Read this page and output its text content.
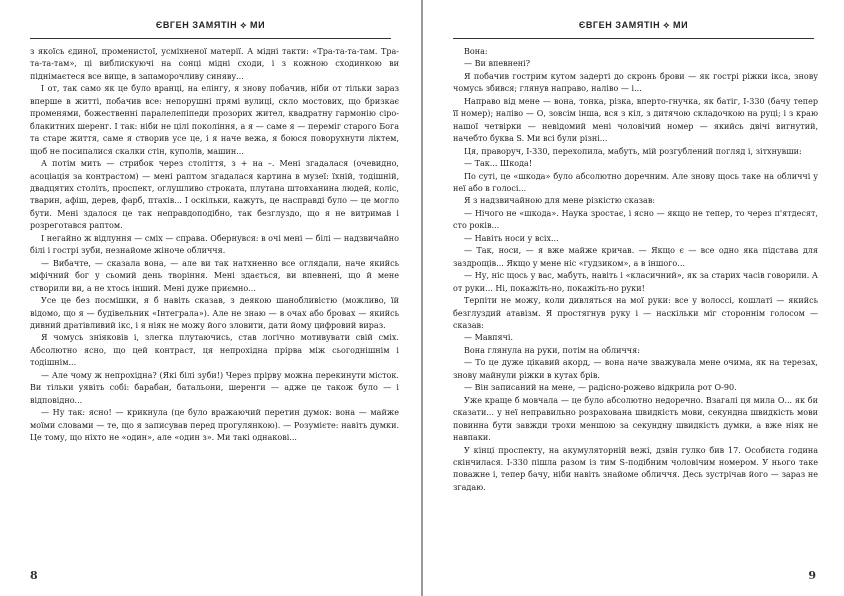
ЄВГЕН ЗАМЯТІН ⟡ МИ

з якоїсь єдиної, променистої, усміхненої матерії. А мідні такти: «Тра-та-та-там. Тра-та-та-там», ці виблискуючі на сонці мідні сходи, і з кожною сходинкою ви піднімаєтеся все вище, в запаморочливу синяву...

І от, так само як це було вранці, на елінгу, я знову побачив, ніби от тільки зараз вперше в житті, побачив все: непорушні прямі вулиці, скло мостових, що бризкає променями, божественні паралелепіпеди прозорих жител, квадратну гармонію сіро-блакитних шеренг. І так: ніби не цілі покоління, а я — саме я — переміг старого Бога та старе життя, саме я створив усе це, і я наче вежа, я боюся поворухнути ліктем, щоб не посипалися скалки стін, куполів, машин...

А потім мить — стрибок через століття, з + на –. Мені згадалася (очевидно, асоціація за контрастом) — мені раптом згадалася картина в музеї: їхній, тодішній, двадцятих століть, проспект, оглушливо строката, плутана штовханина людей, коліс, тварин, афіш, дерев, фарб, птахів... І оскільки, кажуть, це насправді було — це могло бути. Мені здалося це так неправдоподібно, так безглуздо, що я не витримав і розреготався раптом.

І негайно ж відлуння — сміх — справа. Обернувся: в очі мені — білі — надзвичайно білі і гострі зуби, незнайоме жіноче обличчя.

— Вибачте, — сказала вона, — але ви так натхненно все оглядали, наче якийсь міфічний бог у сьомий день творіння. Мені здається, ви впевнені, що й мене створили ви, а не хтось інший. Мені дуже приємно...

Усе це без посмішки, я б навіть сказав, з деякою шанобливістю (можливо, їй відомо, що я — будівельник «Інтеграла»). Але не знаю — в очах або бровах — якийсь дивний дратівливий ікс, і я ніяк не можу його зловити, дати йому цифровий вираз.

Я чомусь зніяковів і, злегка плутаючись, став логічно мотивувати свій сміх. Абсолютно ясно, що цей контраст, ця непрохідна прірва між сьогоднішнім і тодішнім...

— Але чому ж непрохідна? (Які білі зуби!) Через прірву можна перекинути місток. Ви тільки уявіть собі: барабан, батальони, шеренги — адже це також було — і відповідно...

— Ну так: ясно! — крикнула (це було вражаючий перетин думок: вона — майже моїми словами — те, що я записував перед прогулянкою). — Розумієте: навіть думки. Це тому, що ніхто не «один», але «один з». Ми такі однакові...

8
ЄВГЕН ЗАМЯТІН ⟡ МИ

Вона:

— Ви впевнені?

Я побачив гострим кутом задерті до скронь брови — як гострі ріжки ікса, знову чомусь збився; глянув направо, наліво — і...

Направо від мене — вона, тонка, різка, вперто-гнучка, як батіг, I-330 (бачу тепер її номер); наліво — О, зовсім інша, вся з кіл, з дитячою складочкою на руці; і з краю нашої четвірки — невідомий мені чоловічий номер — якийсь двічі вигнутий, начебто буква S. Ми всі були різні...

Ця, праворуч, I-330, перехопила, мабуть, мій розгублений погляд і, зітхнувши:

— Так... Шкода!

По суті, це «шкода» було абсолютно доречним. Але знову щось таке на обличчі у неї або в голосі...

Я з надзвичайною для мене різкістю сказав:

— Нічого не «шкода». Наука зростає, і ясно — якщо не тепер, то через п'ятдесят, сто років...

— Навіть носи у всіх...

— Так, носи, — я вже майже кричав. — Якщо є — все одно яка підстава для заздрощів... Якщо у мене ніс «гудзиком», а в іншого...

— Ну, ніс щось у вас, мабуть, навіть і «класичний», як за старих часів говорили. А от руки... Ні, покажіть-но, покажіть-но руки!

Терпіти не можу, коли дивляться на мої руки: все у волоссі, кошлаті — якийсь безглуздий атавізм. Я простягнув руку і — наскільки міг стороннім голосом — сказав:

— Мавпячі.

Вона глянула на руки, потім на обличчя:

— То це дуже цікавий акорд, — вона наче зважувала мене очима, як на терезах, знову майнули ріжки в кутах брів.

— Він записаний на мене, — радісно-рожево відкрила рот О-90.

Уже краще б мовчала — це було абсолютно недоречно. Взагалі ця мила О... як би сказати... у неї неправильно розрахована швидкість мови, секундна швидкість мови повинна бути завжди трохи меншою за секундну швидкість думки, а вже ніяк не навпаки.

У кінці проспекту, на акумуляторній вежі, дзвін гулко бив 17. Особиста година скінчилася. I-330 пішла разом із тим S-подібним чоловічим номером. У нього таке поважне і, тепер бачу, ніби навіть знайоме обличчя. Десь зустрічав його — зараз не згадаю.

9
